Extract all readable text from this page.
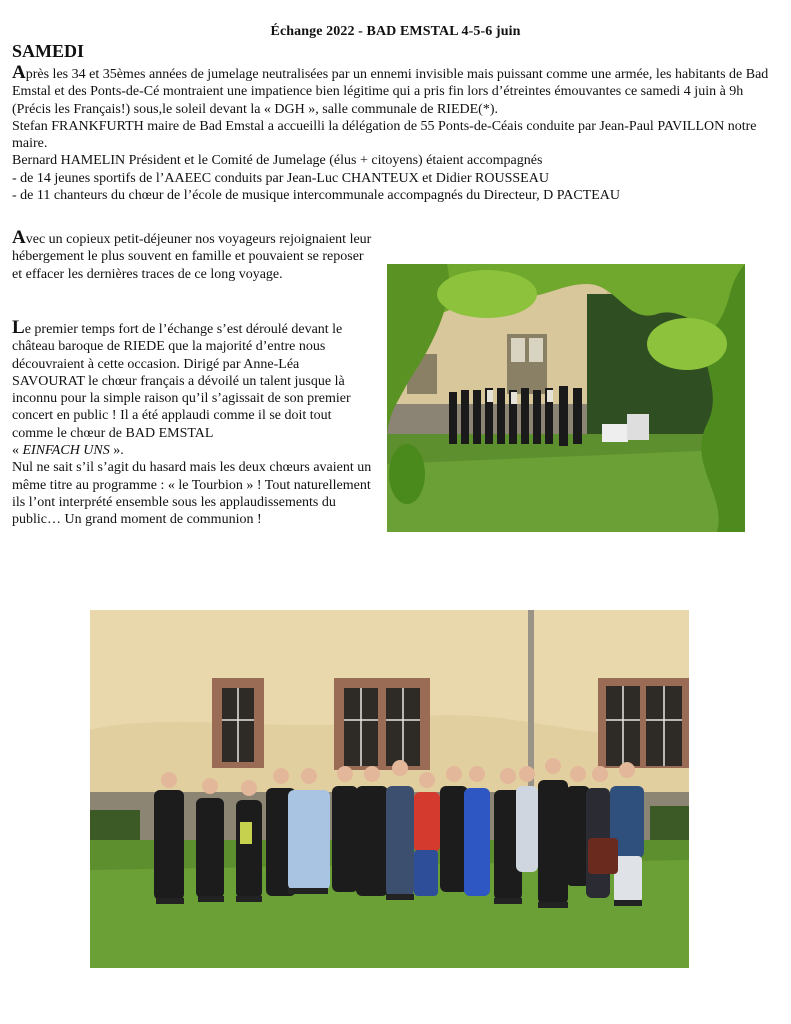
Échange 2022 - BAD EMSTAL 4-5-6 juin
SAMEDI

Après les 34 et 35èmes années de jumelage neutralisées par un ennemi invisible mais puissant comme une armée, les habitants de Bad Emstal et des Ponts-de-Cé montraient une impatience bien légitime qui a pris fin lors d’étreintes émouvantes ce samedi 4 juin à 9h (Précis les Français!) sous,le soleil devant la « DGH », salle communale de RIEDE(*).

Stefan FRANKFURTH maire de Bad Emstal a accueilli la délégation de 55 Ponts-de-Céais conduite par Jean-Paul PAVILLON notre maire.

Bernard HAMELIN Président et le Comité de Jumelage (élus + citoyens) étaient accompagnés

- de 14 jeunes sportifs de l’AAEEC conduits par Jean-Luc CHANTEUX et Didier ROUSSEAU

- de 11 chanteurs du chœur de l’école de musique intercommunale accompagnés du Directeur, D PACTEAU

Avec un copieux petit-déjeuner nos voyageurs rejoignaient leur hébergement le plus souvent en famille et pouvaient se reposer et effacer les dernières traces de ce long voyage.

Le premier temps fort de l’échange s’est déroulé devant le château baroque de RIEDE que la majorité d’entre nous découvraient à cette occasion. Dirigé par Anne-Léa SAVOURAT le chœur français a dévoilé un talent jusque là inconnu pour la simple raison qu’il s’agissait de son premier concert en public ! Il a été applaudi comme il se doit tout comme le chœur de BAD EMSTAL

« EINFACH UNS ».

Nul ne sait s’il s’agit du hasard mais les deux chœurs avaient un même titre au programme : « le Tourbion » ! Tout naturellement ils l’ont interprété ensemble sous les applaudissements du public… Un grand moment de communion !
